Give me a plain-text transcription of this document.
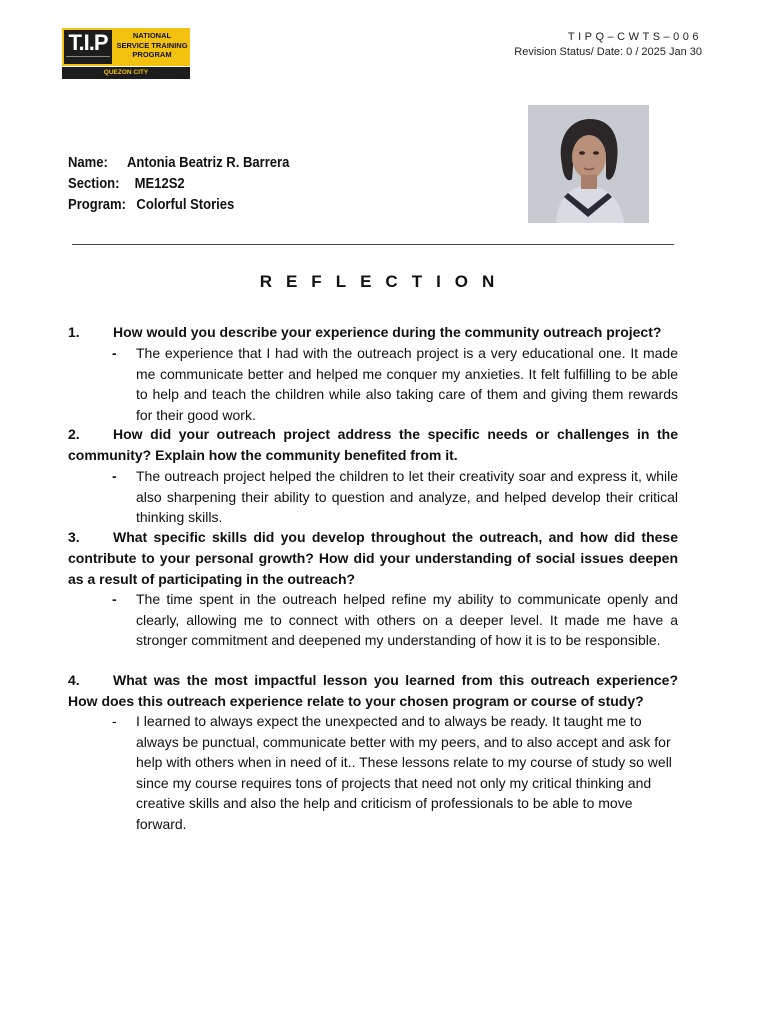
T.I.P	NATIONAL
SERVICE TRAINING
PROGRAM
QUEZON CITY
TIPQ–CWTS–006
Revision Status/ Date: 0 / 2025 Jan 30
Name: Antonia Beatriz R. Barrera
Section: ME12S2
Program: Colorful Stories
REFLECTION
1. How would you describe your experience during the community outreach project?
- The experience that I had with the outreach project is a very educational one. It made me communicate better and helped me conquer my anxieties. It felt fulfilling to be able to help and teach the children while also taking care of them and giving them rewards for their good work.
2. How did your outreach project address the specific needs or challenges in the community? Explain how the community benefited from it.
- The outreach project helped the children to let their creativity soar and express it, while also sharpening their ability to question and analyze, and helped develop their critical thinking skills.
3. What specific skills did you develop throughout the outreach, and how did these contribute to your personal growth? How did your understanding of social issues deepen as a result of participating in the outreach?
- The time spent in the outreach helped refine my ability to communicate openly and clearly, allowing me to connect with others on a deeper level. It made me have a stronger commitment and deepened my understanding of how it is to be responsible.
4. What was the most impactful lesson you learned from this outreach experience? How does this outreach experience relate to your chosen program or course of study?
- I learned to always expect the unexpected and to always be ready. It taught me to always be punctual, communicate better with my peers, and to also accept and ask for help with others when in need of it.. These lessons relate to my course of study so well since my course requires tons of projects that need not only my critical thinking and creative skills and also the help and criticism of professionals to be able to move forward.
